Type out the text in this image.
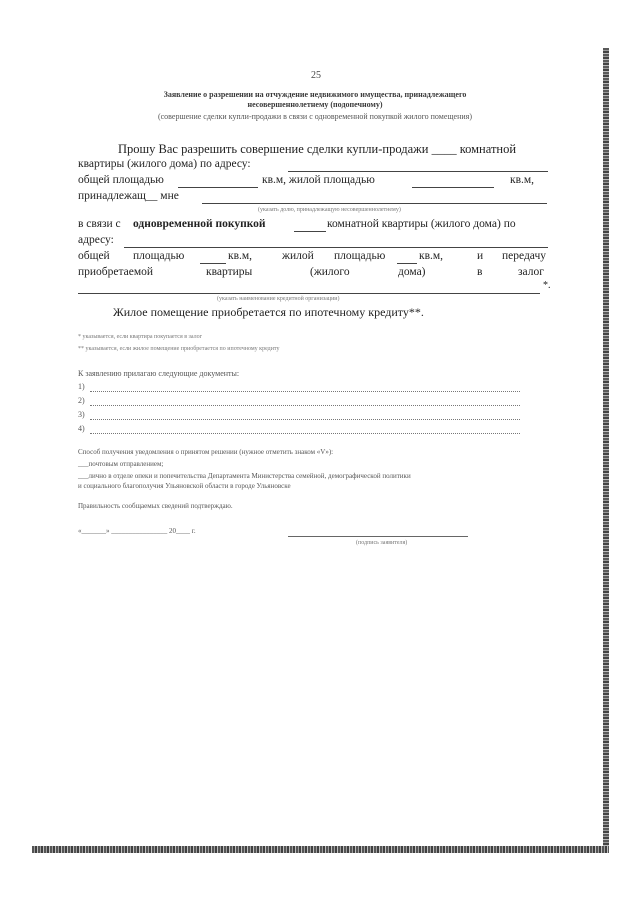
25
Заявление о разрешении на отчуждение недвижимого имущества, принадлежащего
несовершеннолетнему (подопечному)
(совершение сделки купли-продажи в связи с одновременной покупкой жилого помещения)
Прошу Вас разрешить совершение сделки купли-продажи ____ комнатной
квартиры (жилого дома) по адресу:
общей площадью	кв.м, жилой площадью	кв.м,
принадлежащ__ мне
(указать долю, принадлежащую несовершеннолетнему)
в связи с одновременной покупкой	комнатной квартиры (жилого дома) по
адресу:
общей площадью	кв.м,	жилой площадью	кв.м,	и передачу
приобретаемой	квартиры	(жилого	дома)	в	залог
*.
(указать наименование кредитной организации)
Жилое помещение приобретается по ипотечному кредиту**.
* указывается, если квартира покупается в залог
** указывается, если жилое помещение приобретается по ипотечному кредиту
К заявлению прилагаю следующие документы:
1)
2)
3)
4)
Способ получения уведомления о принятом решении (нужное отметить знаком «V»):
___почтовым отправлением;
___лично в отделе опеки и попечительства Департамента Министерства семейной, демографической политики
и социального благополучия Ульяновской области в городе Ульяновске
Правильность сообщаемых сведений подтверждаю.
«_______» ________________ 20____ г.
(подпись заявителя)
